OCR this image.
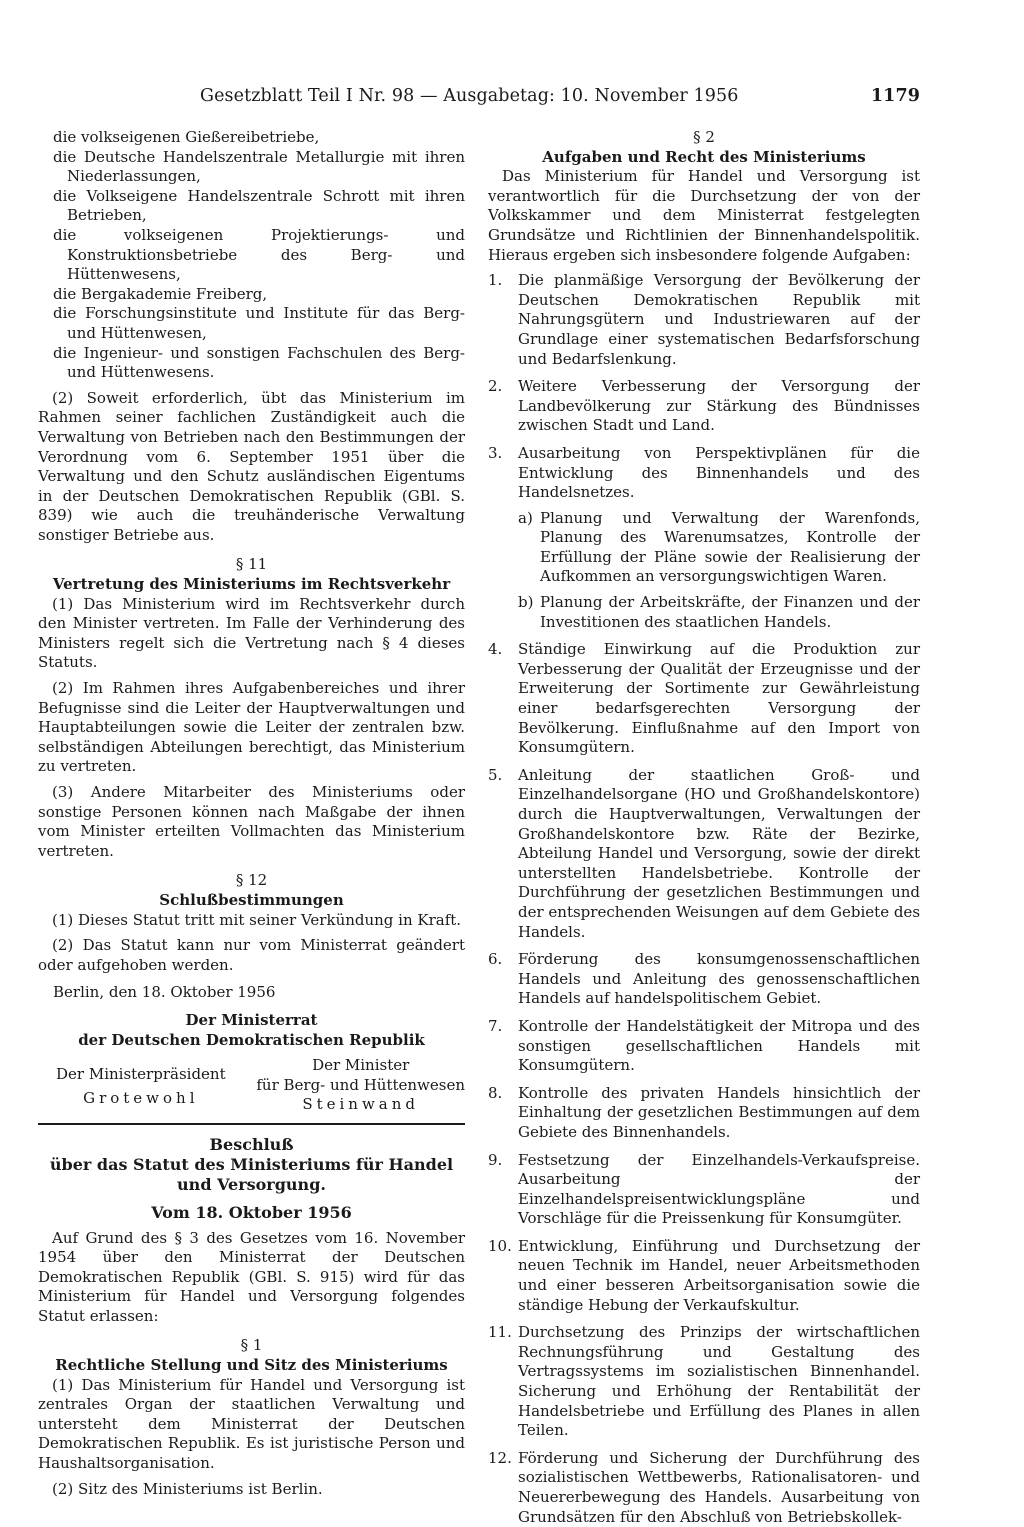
Gesetzblatt Teil I Nr. 98 — Ausgabetag: 10. November 1956	1179

die volkseigenen Gießereibetriebe,

die Deutsche Handelszentrale Metallurgie mit ihren Niederlassungen,

die Volkseigene Handelszentrale Schrott mit ihren Betrieben,

die volkseigenen Projektierungs- und Konstruktionsbetriebe des Berg- und Hüttenwesens,

die Bergakademie Freiberg,

die Forschungsinstitute und Institute für das Berg- und Hüttenwesen,

die Ingenieur- und sonstigen Fachschulen des Berg- und Hüttenwesens.

(2) Soweit erforderlich, übt das Ministerium im Rahmen seiner fachlichen Zuständigkeit auch die Verwaltung von Betrieben nach den Bestimmungen der Verordnung vom 6. September 1951 über die Verwaltung und den Schutz ausländischen Eigentums in der Deutschen Demokratischen Republik (GBl. S. 839) wie auch die treuhänderische Verwaltung sonstiger Betriebe aus.

§ 11

Vertretung des Ministeriums im Rechtsverkehr

(1) Das Ministerium wird im Rechtsverkehr durch den Minister vertreten. Im Falle der Verhinderung des Ministers regelt sich die Vertretung nach § 4 dieses Statuts.

(2) Im Rahmen ihres Aufgabenbereiches und ihrer Befugnisse sind die Leiter der Hauptverwaltungen und Hauptabteilungen sowie die Leiter der zentralen bzw. selbständigen Abteilungen berechtigt, das Ministerium zu vertreten.

(3) Andere Mitarbeiter des Ministeriums oder sonstige Personen können nach Maßgabe der ihnen vom Minister erteilten Vollmachten das Ministerium vertreten.

§ 12

Schlußbestimmungen

(1) Dieses Statut tritt mit seiner Verkündung in Kraft.

(2) Das Statut kann nur vom Ministerrat geändert oder aufgehoben werden.

Berlin, den 18. Oktober 1956

Der Ministerrat
der Deutschen Demokratischen Republik
Der Ministerpräsident
Grotewohl
Der Minister
für Berg- und Hüttenwesen
Steinwand
Beschluß
über das Statut des Ministeriums für Handel
und Versorgung.
Vom 18. Oktober 1956

Auf Grund des § 3 des Gesetzes vom 16. November 1954 über den Ministerrat der Deutschen Demokratischen Republik (GBl. S. 915) wird für das Ministerium für Handel und Versorgung folgendes Statut erlassen:

§ 1

Rechtliche Stellung und Sitz des Ministeriums

(1) Das Ministerium für Handel und Versorgung ist zentrales Organ der staatlichen Verwaltung und untersteht dem Ministerrat der Deutschen Demokratischen Republik. Es ist juristische Person und Haushaltsorganisation.

(2) Sitz des Ministeriums ist Berlin.

§ 2

Aufgaben und Recht des Ministeriums

Das Ministerium für Handel und Versorgung ist verantwortlich für die Durchsetzung der von der Volkskammer und dem Ministerrat festgelegten Grundsätze und Richtlinien der Binnenhandelspolitik. Hieraus ergeben sich insbesondere folgende Aufgaben:

1.	Die planmäßige Versorgung der Bevölkerung der Deutschen Demokratischen Republik mit Nahrungsgütern und Industriewaren auf der Grundlage einer systematischen Bedarfsforschung und Bedarfslenkung.
2.	Weitere Verbesserung der Versorgung der Landbevölkerung zur Stärkung des Bündnisses zwischen Stadt und Land.
3.	Ausarbeitung von Perspektivplänen für die Entwicklung des Binnenhandels und des Handelsnetzes.
a) Planung und Verwaltung der Warenfonds, Planung des Warenumsatzes, Kontrolle der Erfüllung der Pläne sowie der Realisierung der Aufkommen an versorgungswichtigen Waren.
b) Planung der Arbeitskräfte, der Finanzen und der Investitionen des staatlichen Handels.
4.	Ständige Einwirkung auf die Produktion zur Verbesserung der Qualität der Erzeugnisse und der Erweiterung der Sortimente zur Gewährleistung einer bedarfsgerechten Versorgung der Bevölkerung. Einflußnahme auf den Import von Konsumgütern.
5.	Anleitung der staatlichen Groß- und Einzelhandelsorgane (HO und Großhandelskontore) durch die Hauptverwaltungen, Verwaltungen der Großhandelskontore bzw. Räte der Bezirke, Abteilung Handel und Versorgung, sowie der direkt unterstellten Handelsbetriebe. Kontrolle der Durchführung der gesetzlichen Bestimmungen und der entsprechenden Weisungen auf dem Gebiete des Handels.
6.	Förderung des konsumgenossenschaftlichen Handels und Anleitung des genossenschaftlichen Handels auf handelspolitischem Gebiet.
7.	Kontrolle der Handelstätigkeit der Mitropa und des sonstigen gesellschaftlichen Handels mit Konsumgütern.
8.	Kontrolle des privaten Handels hinsichtlich der Einhaltung der gesetzlichen Bestimmungen auf dem Gebiete des Binnenhandels.
9.	Festsetzung der Einzelhandels-Verkaufspreise. Ausarbeitung der Einzelhandelspreisentwicklungspläne und Vorschläge für die Preissenkung für Konsumgüter.
10. Entwicklung, Einführung und Durchsetzung der neuen Technik im Handel, neuer Arbeitsmethoden und einer besseren Arbeitsorganisation sowie die ständige Hebung der Verkaufskultur.
11. Durchsetzung des Prinzips der wirtschaftlichen Rechnungsführung und Gestaltung des Vertragssystems im sozialistischen Binnenhandel. Sicherung und Erhöhung der Rentabilität der Handelsbetriebe und Erfüllung des Planes in allen Teilen.
12. Förderung und Sicherung der Durchführung des sozialistischen Wettbewerbs, Rationalisatoren- und Neuererbewegung des Handels. Ausarbeitung von Grundsätzen für den Abschluß von Betriebskollek-
